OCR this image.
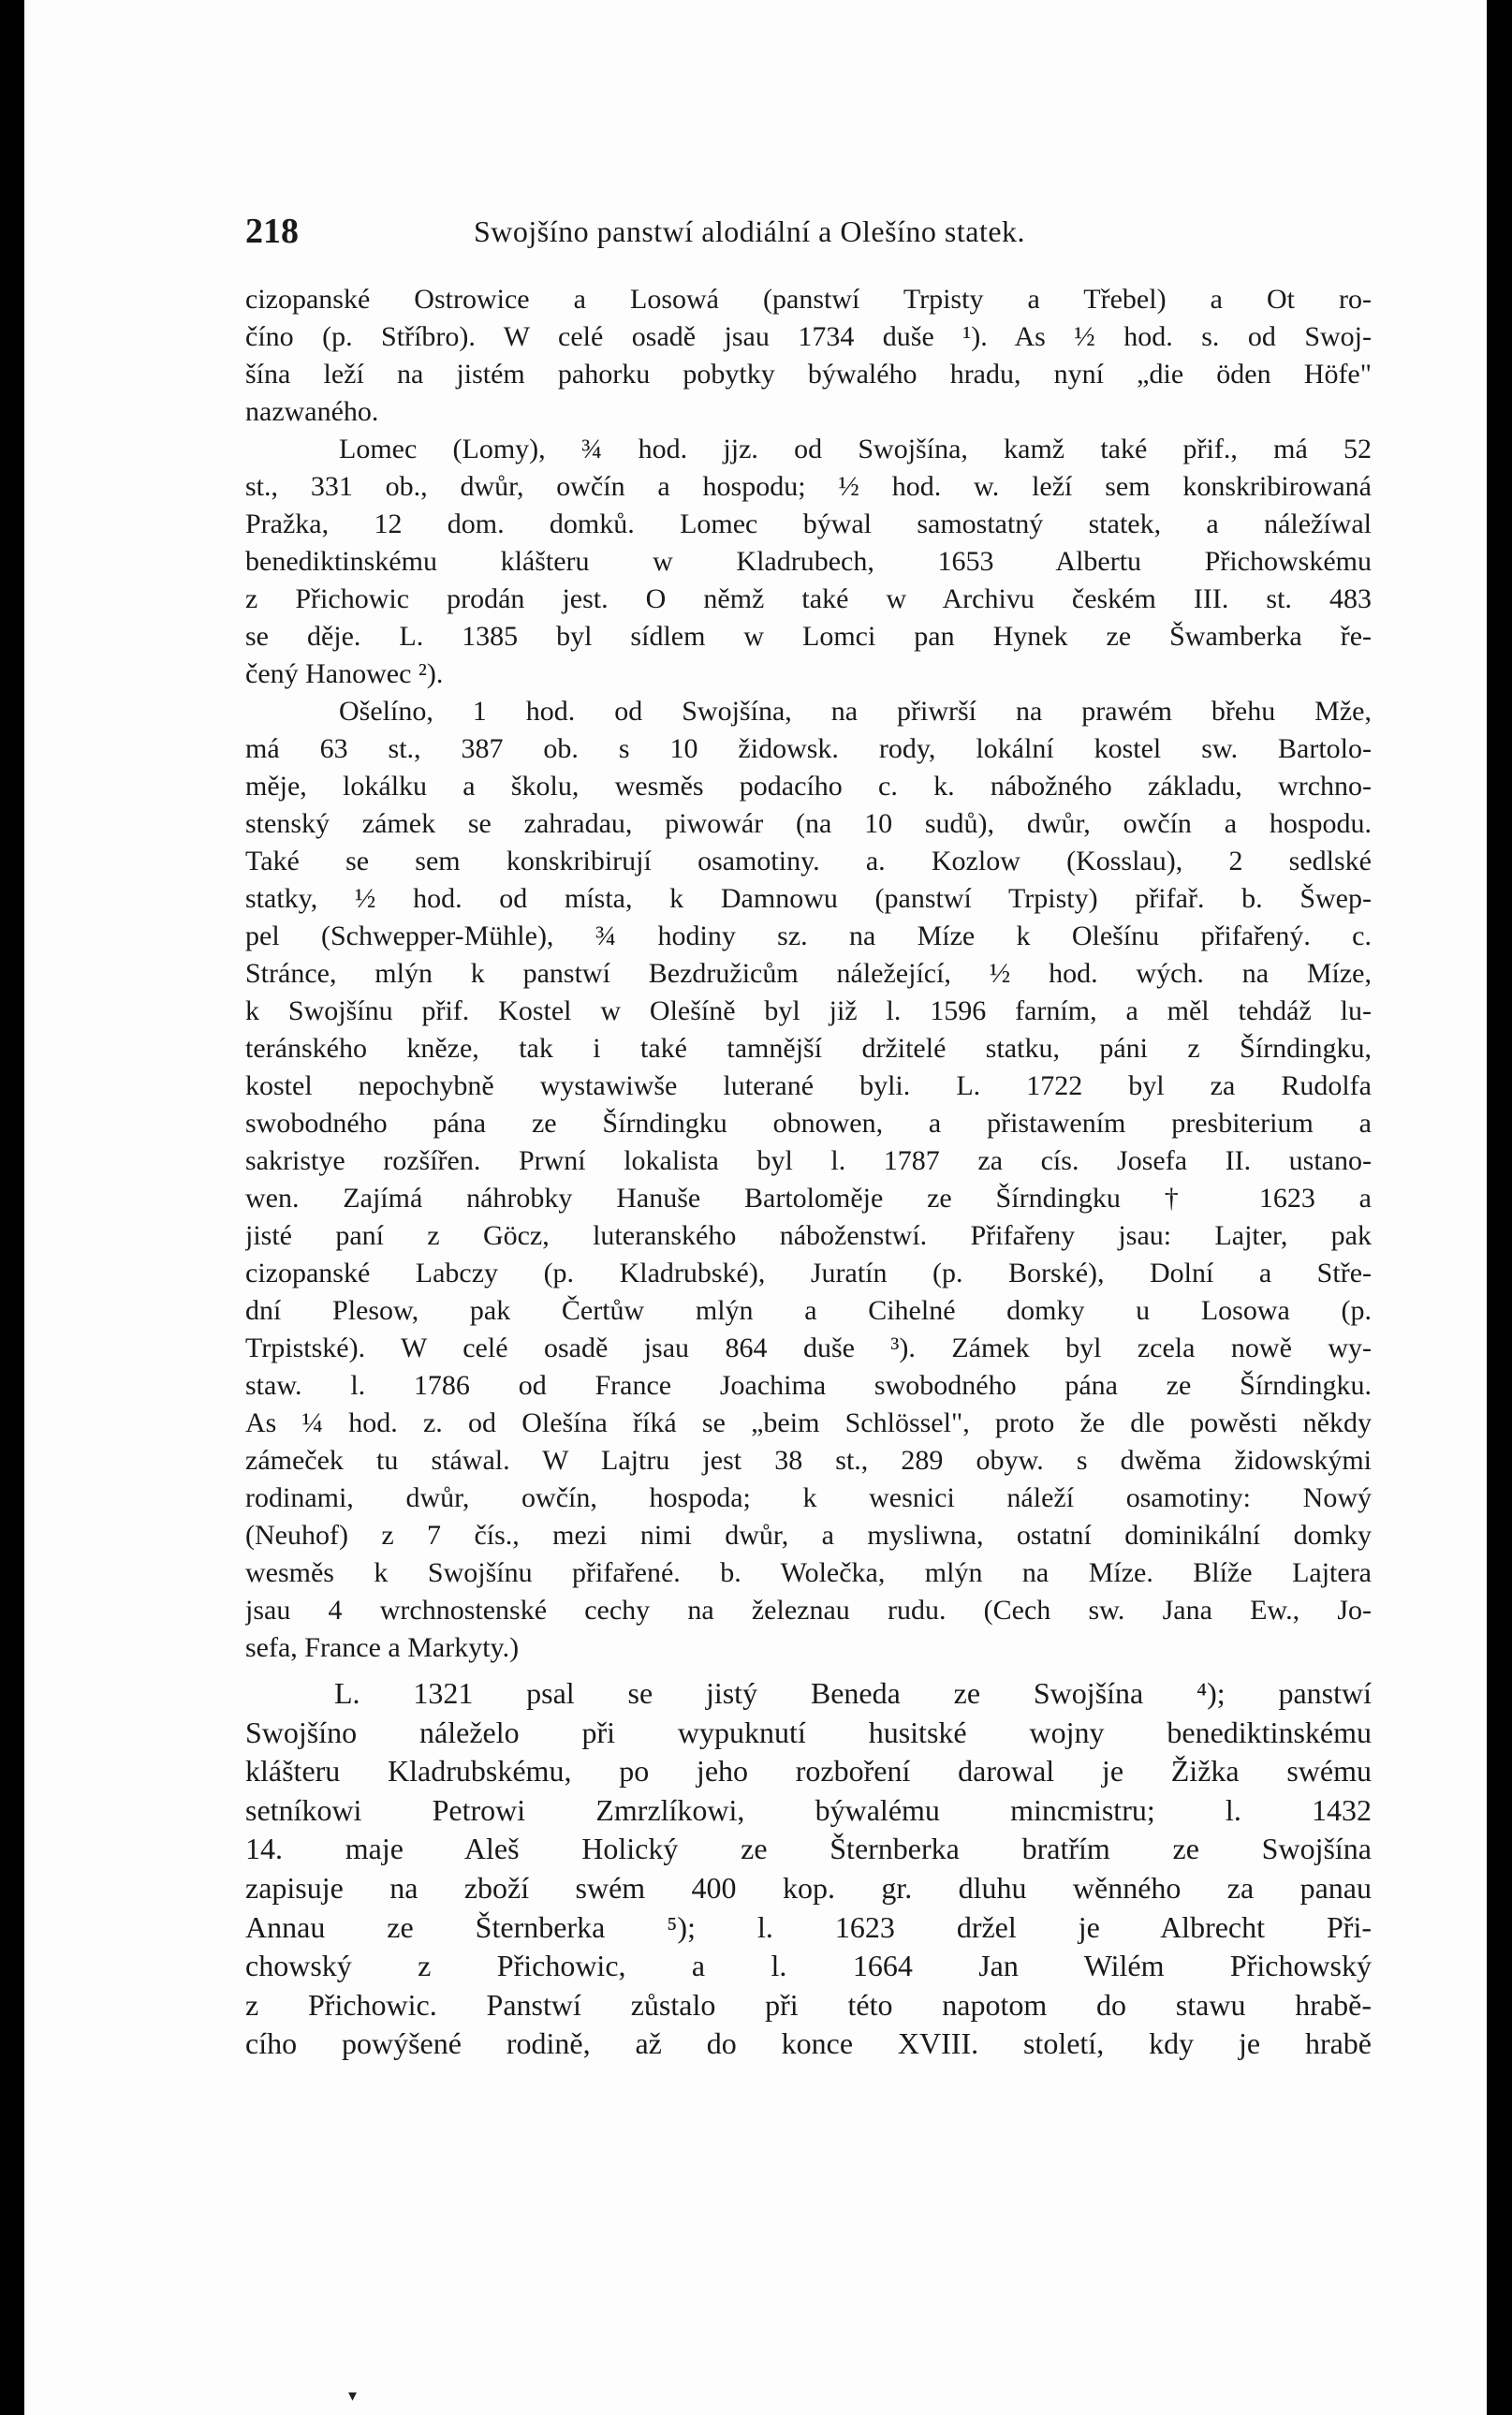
218	Swojšíno panstwí alodiální a Olešíno statek.
cizopanské Ostrowice a Losowá (panstwí Trpisty a Třebel) a Ot ro-
číno (p. Stříbro). W celé osadě jsau 1734 duše ¹). As ½ hod. s. od Swoj-
šína leží na jistém pahorku pobytky býwalého hradu, nyní „die öden Höfe"
nazwaného.
Lomec (Lomy), ¾ hod. jjz. od Swojšína, kamž také přif., má 52
st., 331 ob., dwůr, owčín a hospodu; ½ hod. w. leží sem konskribirowaná
Pražka, 12 dom. domků. Lomec býwal samostatný statek, a náležíwal
benediktinskému klášteru w Kladrubech, 1653 Albertu Přichowskému
z Přichowic prodán jest. O němž také w Archivu českém III. st. 483
se děje. L. 1385 byl sídlem w Lomci pan Hynek ze Šwamberka ře-
čený Hanowec ²).
Ošelíno, 1 hod. od Swojšína, na přiwrší na prawém břehu Mže,
má 63 st., 387 ob. s 10 židowsk. rody, lokální kostel sw. Bartolo-
měje, lokálku a školu, wesměs podacího c. k. nábožného základu, wrchno-
stenský zámek se zahradau, piwowár (na 10 sudů), dwůr, owčín a hospodu.
Také se sem konskribirují osamotiny. a. Kozlow (Kosslau), 2 sedlské
statky, ½ hod. od místa, k Damnowu (panstwí Trpisty) přifař. b. Šwep-
pel (Schwepper-Mühle), ¾ hodiny sz. na Míze k Olešínu přifařený. c.
Stránce, mlýn k panstwí Bezdružicům náležející, ½ hod. wých. na Míze,
k Swojšínu přif. Kostel w Olešíně byl již l. 1596 farním, a měl tehdáž lu-
teránského kněze, tak i také tamnější držitelé statku, páni z Šírndingku,
kostel nepochybně wystawiwše luterané byli. L. 1722 byl za Rudolfa
swobodného pána ze Šírndingku obnowen, a přistawením presbiterium a
sakristye rozšířen. Prwní lokalista byl l. 1787 za cís. Josefa II. ustano-
wen. Zajímá náhrobky Hanuše Bartoloměje ze Šírndingku † 1623 a
jisté paní z Göcz, luteranského náboženstwí. Přifařeny jsau: Lajter, pak
cizopanské Labczy (p. Kladrubské), Juratín (p. Borské), Dolní a Stře-
dní Plesow, pak Čertůw mlýn a Cihelné domky u Losowa (p.
Trpistské). W celé osadě jsau 864 duše ³). Zámek byl zcela nowě wy-
staw. l. 1786 od France Joachima swobodného pána ze Šírndingku.
As ¼ hod. z. od Olešína říká se „beim Schlössel", proto že dle powěsti někdy
zámeček tu stáwal. W Lajtru jest 38 st., 289 obyw. s dwěma židowskými
rodinami, dwůr, owčín, hospoda; k wesnici náleží osamotiny: Nowý
(Neuhof) z 7 čís., mezi nimi dwůr, a mysliwna, ostatní dominikální domky
wesměs k Swojšínu přifařené. b. Wolečka, mlýn na Míze. Blíže Lajtera
jsau 4 wrchnostenské cechy na železnau rudu. (Cech sw. Jana Ew., Jo-
sefa, France a Markyty.)
L. 1321 psal se jistý Beneda ze Swojšína ⁴); panstwí
Swojšíno náleželo při wypuknutí husitské wojny benediktinskému
klášteru Kladrubskému, po jeho rozboření darowal je Žižka swému
setníkowi Petrowi Zmrzlíkowi, býwalému mincmistru; l. 1432
14. maje Aleš Holický ze Šternberka bratřím ze Swojšína
zapisuje na zboží swém 400 kop. gr. dluhu wěnného za panau
Annau ze Šternberka ⁵); l. 1623 držel je Albrecht Při-
chowský z Přichowic, a l. 1664 Jan Wilém Přichowský
z Přichowic. Panstwí zůstalo při této napotom do stawu hrabě-
cího powýšené rodině, až do konce XVIII. století, kdy je hrabě
▾
